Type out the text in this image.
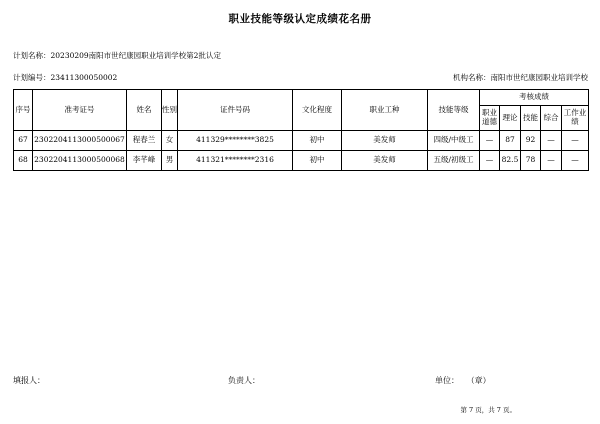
职业技能等级认定成绩花名册
计划名称：20230209南阳市世纪康园职业培训学校第2批认定
计划编号：23411300050002	机构名称：南阳市世纪康园职业培训学校
序号	准考证号	姓名	性别	证件号码	文化程度	职业工种	技能等级	考核成绩				
								职业道德	理论	技能	综合	工作业绩
67	2302204113000500067	程春兰	女	411329********3825	初中	美发师	四级/中级工	—	87	92	—	—
68	2302204113000500068	李芊峰	男	411321********2316	初中	美发师	五级/初级工	—	82.5	78	—	—
填报人：	负责人：	单位：   （章）
第 7 页，共 7 页。
